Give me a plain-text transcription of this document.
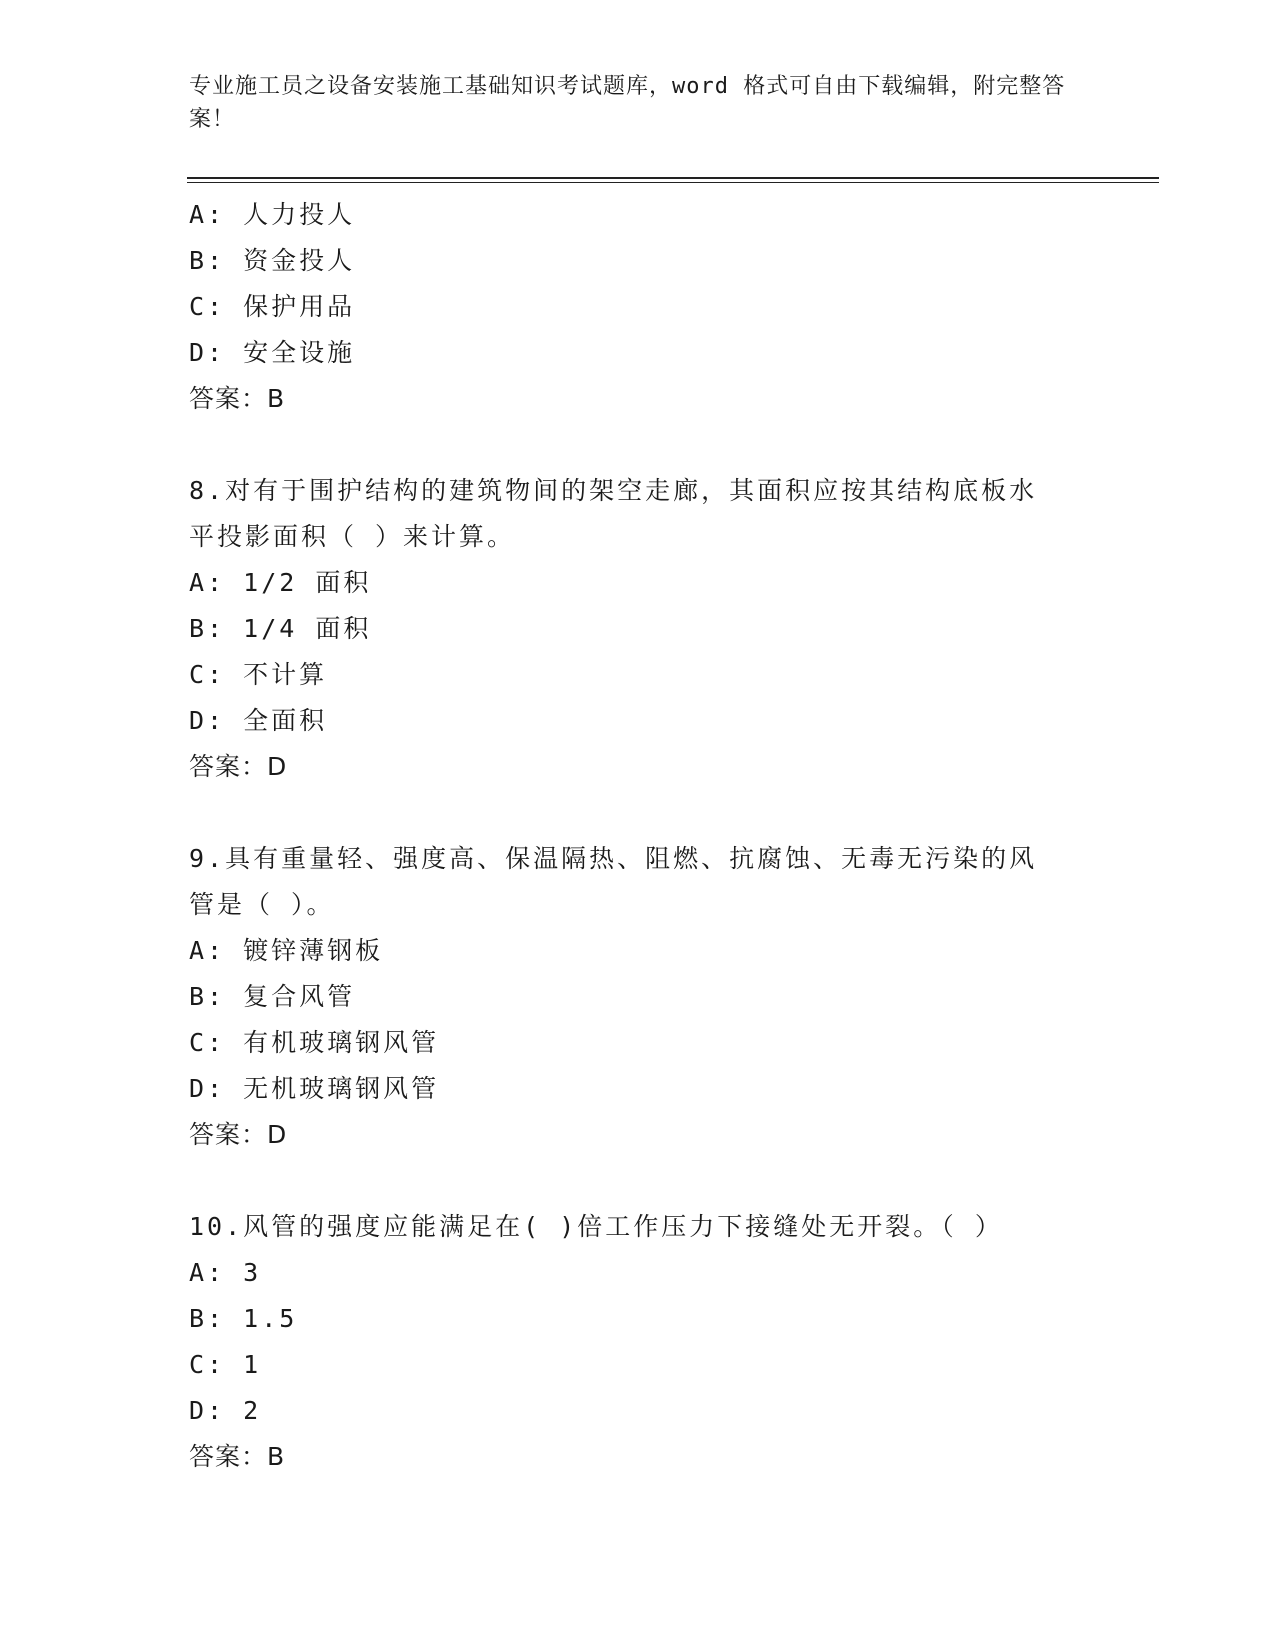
专业施工员之设备安装施工基础知识考试题库，word 格式可自由下载编辑，附完整答案！
A: 人力投人
B: 资金投人
C: 保护用品
D: 安全设施
答案：B
8.对有于围护结构的建筑物间的架空走廊，其面积应按其结构底板水
平投影面积（ ）来计算。
A: 1/2 面积
B: 1/4 面积
C: 不计算
D: 全面积
答案：D
9.具有重量轻、强度高、保温隔热、阻燃、抗腐蚀、无毒无污染的风
管是（ ）。
A: 镀锌薄钢板
B: 复合风管
C: 有机玻璃钢风管
D: 无机玻璃钢风管
答案：D
10.风管的强度应能满足在( )倍工作压力下接缝处无开裂。（ ）
A: 3
B: 1.5
C: 1
D: 2
答案：B
